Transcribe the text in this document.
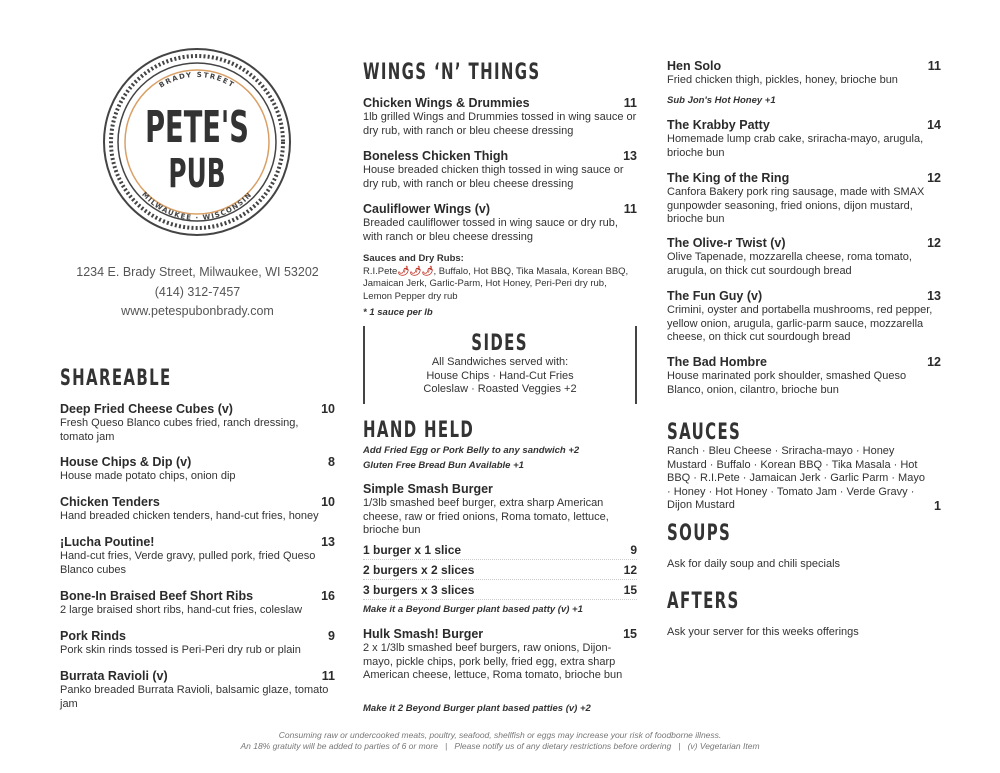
BRADY STREET
PETE'S
PUB
MILWAUKEE · WISCONSIN
1234 E. Brady Street, Milwaukee, WI 53202
(414) 312-7457
www.petespubonbrady.com
SHAREABLE
Deep Fried Cheese Cubes (v)	10
Fresh Queso Blanco cubes fried, ranch dressing, tomato jam
House Chips & Dip (v)	8
House made potato chips, onion dip
Chicken Tenders	10
Hand breaded chicken tenders, hand-cut fries, honey
¡Lucha Poutine!	13
Hand-cut fries, Verde gravy, pulled pork, fried Queso Blanco cubes
Bone-In Braised Beef Short Ribs	16
2 large braised short ribs, hand-cut fries, coleslaw
Pork Rinds	9
Pork skin rinds tossed is Peri-Peri dry rub or plain
Burrata Ravioli (v)	11
Panko breaded Burrata Ravioli, balsamic glaze, tomato jam
WINGS ‘N’ THINGS
Chicken Wings & Drummies	11
1lb grilled Wings and Drummies tossed in wing sauce or dry rub, with ranch or bleu cheese dressing
Boneless Chicken Thigh	13
House breaded chicken thigh tossed in wing sauce or dry rub, with ranch or bleu cheese dressing
Cauliflower Wings (v)	11
Breaded cauliflower tossed in wing sauce or dry rub, with ranch or bleu cheese dressing
Sauces and Dry Rubs:
R.I.Pete🌶🌶🌶, Buffalo, Hot BBQ, Tika Masala, Korean BBQ, Jamaican Jerk, Garlic-Parm, Hot Honey, Peri-Peri dry rub, Lemon Pepper dry rub
* 1 sauce per lb
HAND HELD
Add Fried Egg or Pork Belly to any sandwich +2
Gluten Free Bread Bun Available +1
Simple Smash Burger
1/3lb smashed beef burger, extra sharp American cheese, raw or fried onions, Roma tomato, lettuce, brioche bun
1 burger x 1 slice	9
2 burgers x 2 slices	12
3 burgers x 3 slices	15
Make it a Beyond Burger plant based patty (v) +1
Hulk Smash! Burger	15
2 x 1/3lb smashed beef burgers, raw onions, Dijon-mayo, pickle chips, pork belly, fried egg, extra sharp American cheese, lettuce, Roma tomato, brioche bun
Make it 2 Beyond Burger plant based patties (v) +2
SIDES
All Sandwiches served with:
House Chips · Hand-Cut Fries
Coleslaw · Roasted Veggies +2
Hen Solo	11
Fried chicken thigh, pickles, honey, brioche bun
Sub Jon's Hot Honey +1
The Krabby Patty	14
Homemade lump crab cake, sriracha-mayo, arugula, brioche bun
The King of the Ring	12
Canfora Bakery pork ring sausage, made with SMAX gunpowder seasoning, fried onions, dijon mustard, brioche bun
The Olive-r Twist (v)	12
Olive Tapenade, mozzarella cheese, roma tomato, arugula, on thick cut sourdough bread
The Fun Guy (v)	13
Crimini, oyster and portabella mushrooms, red pepper, yellow onion, arugula, garlic-parm sauce, mozzarella cheese, on thick cut sourdough bread
The Bad Hombre	12
House marinated pork shoulder, smashed Queso Blanco, onion, cilantro, brioche bun
SAUCES
Ranch · Bleu Cheese · Sriracha-mayo · Honey Mustard · Buffalo · Korean BBQ · Tika Masala · Hot BBQ · R.I.Pete · Jamaican Jerk · Garlic Parm · Mayo · Honey · Hot Honey · Tomato Jam · Verde Gravy · Dijon Mustard	1
SOUPS
Ask for daily soup and chili specials
AFTERS
Ask your server for this weeks offerings
Consuming raw or undercooked meats, poultry, seafood, shellfish or eggs may increase your risk of foodborne illness.
An 18% gratuity will be added to parties of 6 or more   |   Please notify us of any dietary restrictions before ordering   |   (v) Vegetarian Item
